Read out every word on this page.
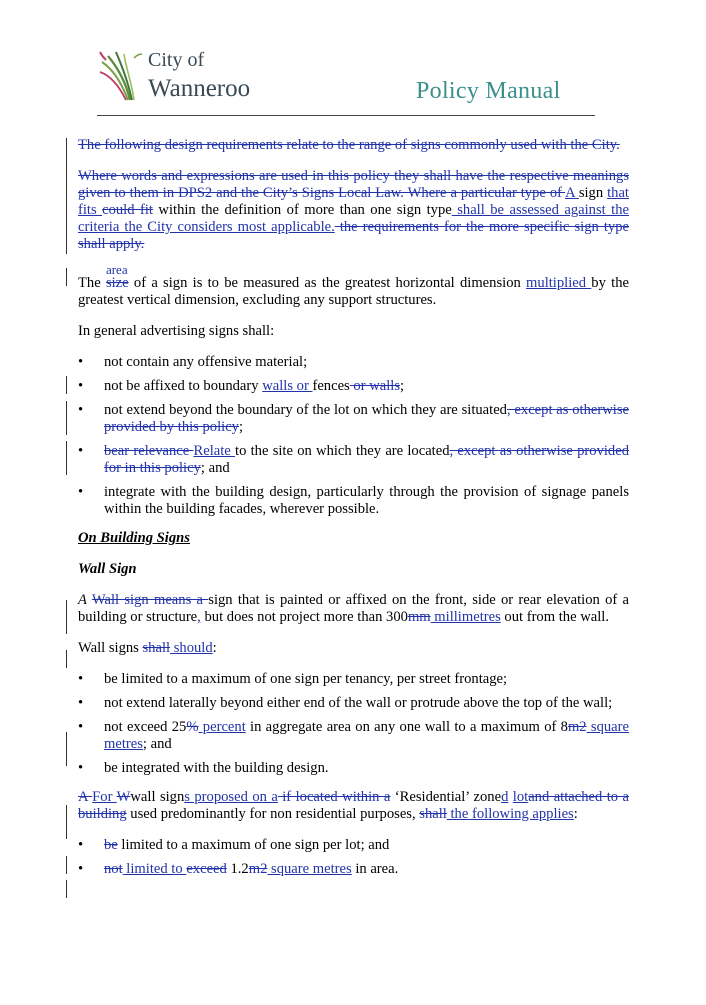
City of
Wanneroo	Policy Manual

The following design requirements relate to the range of signs commonly used with the City.

Where words and expressions are used in this policy they shall have the respective meanings given to them in DPS2 and the City’s Signs Local Law. Where a particular type of A sign that fits could fit within the definition of more than one sign type shall be assessed against the criteria the City considers most applicable. the requirements for the more specific sign type shall apply.

The
area
size of a sign is to be measured as the greatest horizontal dimension multiplied by the greatest vertical dimension, excluding any support structures.

In general advertising signs shall:

• not contain any offensive material;
• not be affixed to boundary walls or fences or walls;
• not extend beyond the boundary of the lot on which they are situated, except as otherwise provided by this policy;
• bear relevance Relate to the site on which they are located, except as otherwise provided for in this policy; and
• integrate with the building design, particularly through the provision of signage panels within the building facades, wherever possible.

On Building Signs

Wall Sign

A Wall sign means a sign that is painted or affixed on the front, side or rear elevation of a building or structure, but does not project more than 300mm millimetres out from the wall.

Wall signs shall should:

• be limited to a maximum of one sign per tenancy, per street frontage;
• not extend laterally beyond either end of the wall or protrude above the top of the wall;
• not exceed 25% percent in aggregate area on any one wall to a maximum of 8m2 square metres; and
• be integrated with the building design.

A For Wwall signs proposed on a if located within a ‘Residential’ zoned lotand attached to a building used predominantly for non residential purposes, shall the following applies:

• be limited to a maximum of one sign per lot; and
• not limited to exceed 1.2m2 square metres in area.
